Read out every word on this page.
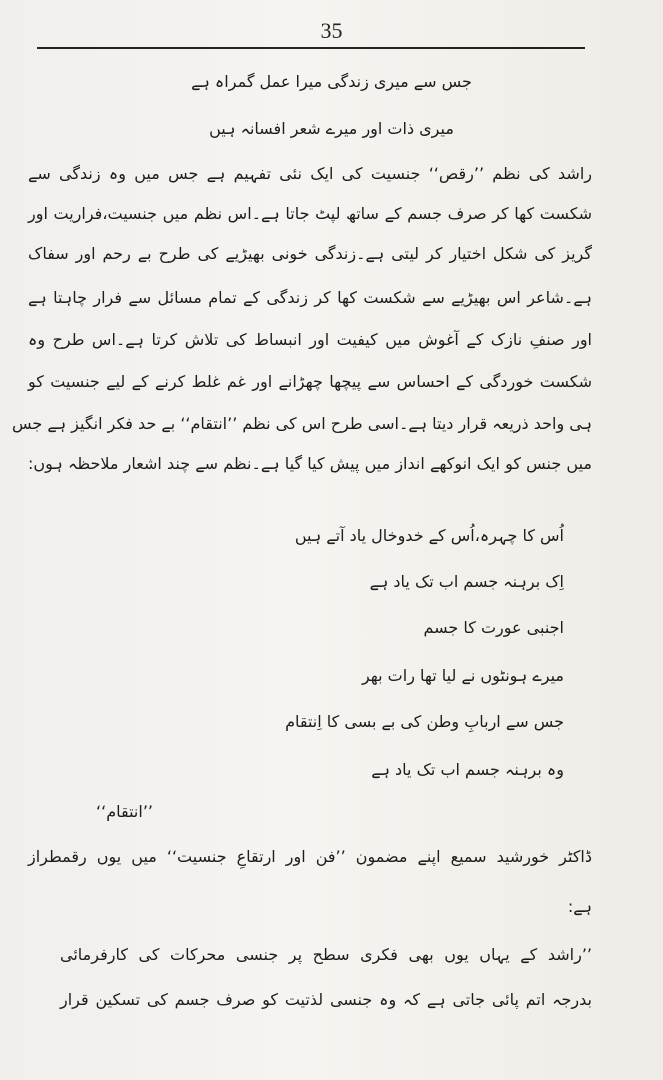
35
جس سے میری زندگی میرا عمل گمراہ ہے
میری ذات اور میرے شعر افسانہ ہیں
راشد کی نظم ’’رقص‘‘ جنسیت کی ایک نئی تفہیم ہے جس میں وہ زندگی سے
شکست کھا کر صرف جسم کے ساتھ لپٹ جاتا ہے۔اس نظم میں جنسیت،فراریت اور
گریز کی شکل اختیار کر لیتی ہے۔زندگی خونی بھیڑیے کی طرح بے رحم اور سفاک
ہے۔شاعر اس بھیڑیے سے شکست کھا کر زندگی کے تمام مسائل سے فرار چاہتا ہے
اور صنفِ نازک کے آغوش میں کیفیت اور انبساط کی تلاش کرتا ہے۔اس طرح وہ
شکست خوردگی کے احساس سے پیچھا چھڑانے اور غم غلط کرنے کے لیے جنسیت کو
ہی واحد ذریعہ قرار دیتا ہے۔اسی طرح اس کی نظم ’’انتقام‘‘ بے حد فکر انگیز ہے جس
میں جنس کو ایک انوکھے انداز میں پیش کیا گیا ہے۔نظم سے چند اشعار ملاحظہ ہوں:
اُس کا چہرہ،اُس کے خدوخال یاد آتے ہیں
اِک برہنہ جسم اب تک یاد ہے
اجنبی عورت کا جسم
میرے ہونٹوں نے لیا تھا رات بھر
جس سے اربابِ وطن کی بے بسی کا اِنتقام
وہ برہنہ جسم اب تک یاد ہے
’’انتقام‘‘
ڈاکٹر خورشید سمیع اپنے مضمون ’’فن اور ارتقاعِ جنسیت‘‘ میں یوں رقمطراز
ہے:
’’راشد کے یہاں یوں بھی فکری سطح پر جنسی محرکات کی کارفرمائی
بدرجہ اتم پائی جاتی ہے کہ وہ جنسی لذتیت کو صرف جسم کی تسکین قرار
